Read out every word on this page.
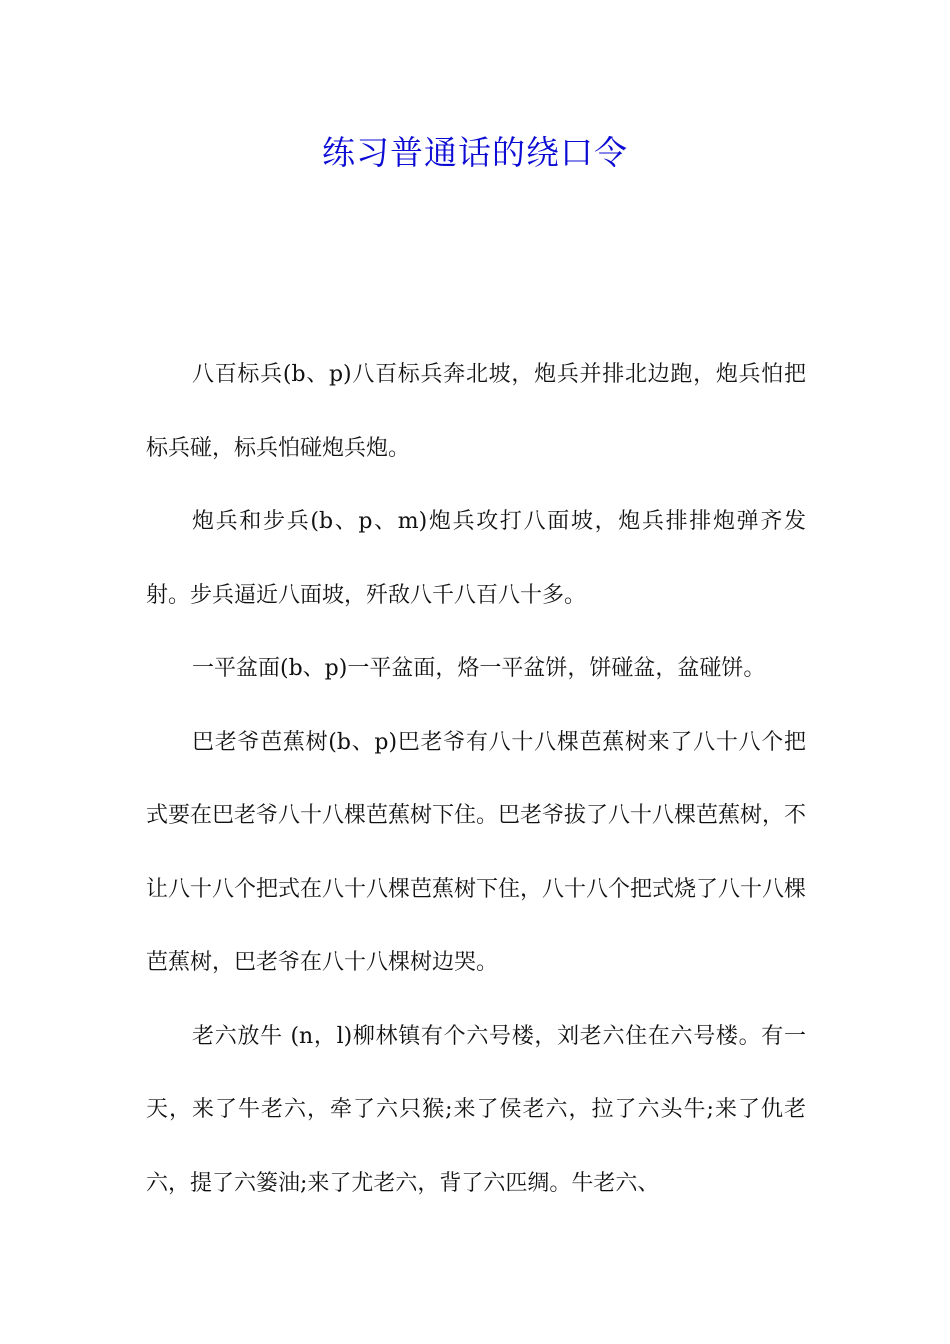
练习普通话的绕口令

八百标兵(b、p)八百标兵奔北坡，炮兵并排北边跑，炮兵怕把标兵碰，标兵怕碰炮兵炮。

炮兵和步兵(b、p、m)炮兵攻打八面坡，炮兵排排炮弹齐发射。步兵逼近八面坡，歼敌八千八百八十多。

一平盆面(b、p)一平盆面，烙一平盆饼，饼碰盆，盆碰饼。

巴老爷芭蕉树(b、p)巴老爷有八十八棵芭蕉树来了八十八个把式要在巴老爷八十八棵芭蕉树下住。巴老爷拔了八十八棵芭蕉树，不让八十八个把式在八十八棵芭蕉树下住，八十八个把式烧了八十八棵芭蕉树，巴老爷在八十八棵树边哭。

老六放牛 (n，l)柳林镇有个六号楼，刘老六住在六号楼。有一天，来了牛老六，牵了六只猴;来了侯老六，拉了六头牛;来了仇老六，提了六篓油;来了尤老六，背了六匹绸。牛老六、
